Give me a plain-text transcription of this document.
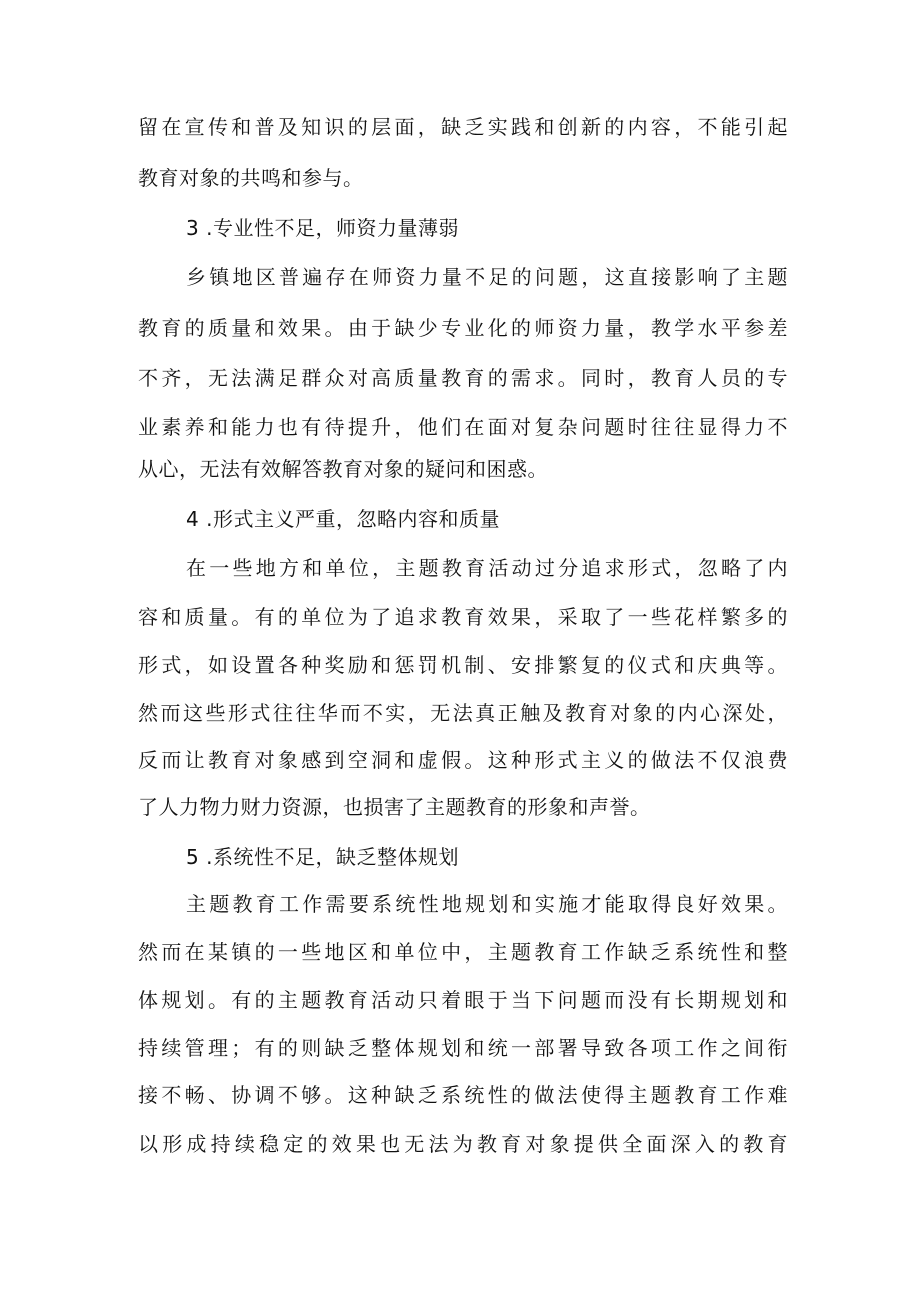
留在宣传和普及知识的层面，缺乏实践和创新的内容，不能引起
教育对象的共鸣和参与。
3 .专业性不足，师资力量薄弱
乡镇地区普遍存在师资力量不足的问题，这直接影响了主题
教育的质量和效果。由于缺少专业化的师资力量，教学水平参差
不齐，无法满足群众对高质量教育的需求。同时，教育人员的专
业素养和能力也有待提升，他们在面对复杂问题时往往显得力不
从心，无法有效解答教育对象的疑问和困惑。
4 .形式主义严重，忽略内容和质量
在一些地方和单位，主题教育活动过分追求形式，忽略了内
容和质量。有的单位为了追求教育效果，采取了一些花样繁多的
形式，如设置各种奖励和惩罚机制、安排繁复的仪式和庆典等。
然而这些形式往往华而不实，无法真正触及教育对象的内心深处，
反而让教育对象感到空洞和虚假。这种形式主义的做法不仅浪费
了人力物力财力资源，也损害了主题教育的形象和声誉。
5 .系统性不足，缺乏整体规划
主题教育工作需要系统性地规划和实施才能取得良好效果。
然而在某镇的一些地区和单位中，主题教育工作缺乏系统性和整
体规划。有的主题教育活动只着眼于当下问题而没有长期规划和
持续管理；有的则缺乏整体规划和统一部署导致各项工作之间衔
接不畅、协调不够。这种缺乏系统性的做法使得主题教育工作难
以形成持续稳定的效果也无法为教育对象提供全面深入的教育
